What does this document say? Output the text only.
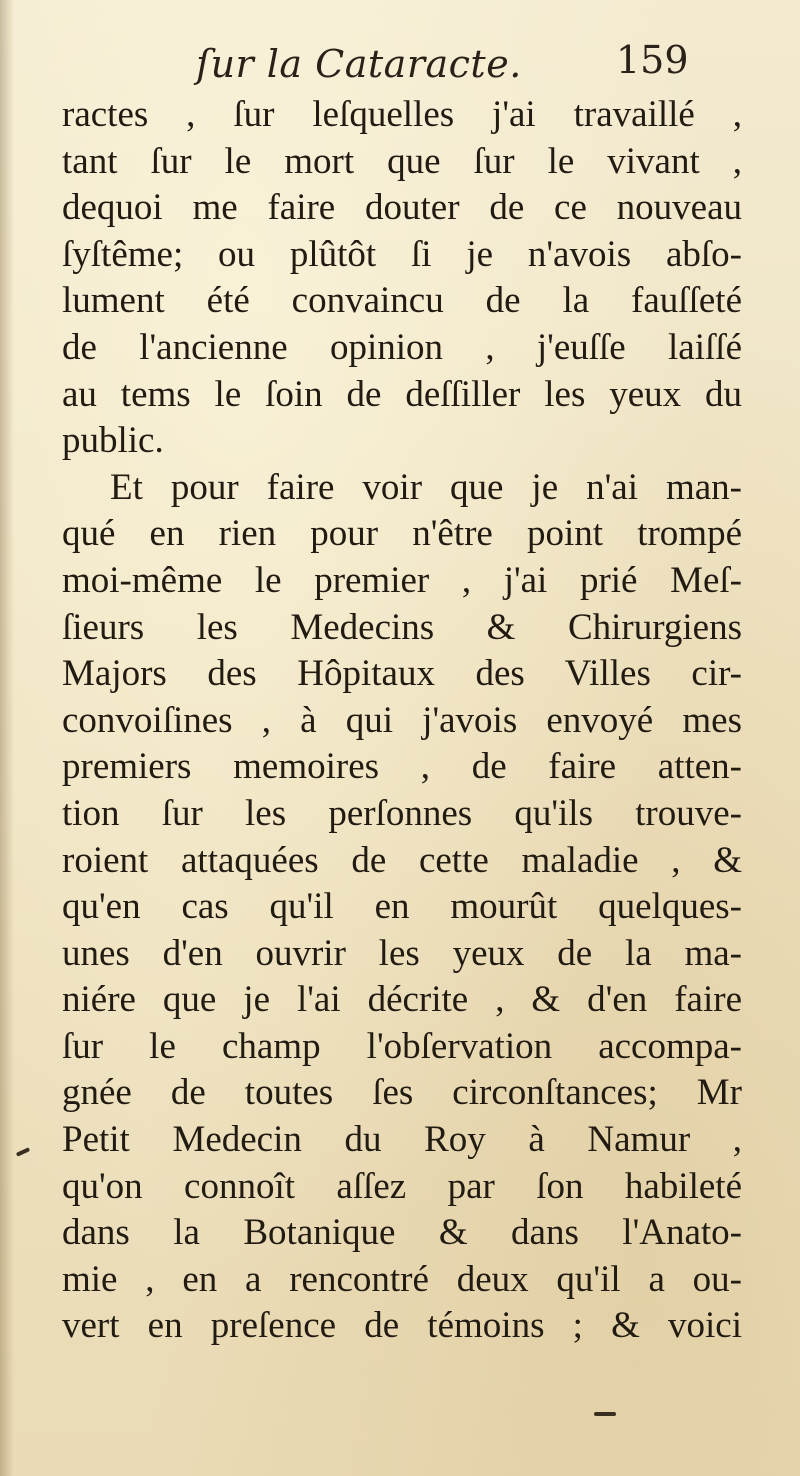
ſur la Cataracte. 159
ractes , ſur leſquelles j'ai travaillé ,
tant ſur le mort que ſur le vivant ,
dequoi me faire douter de ce nouveau
ſyſtême; ou plûtôt ſi je n'avois abſo-
lument été convaincu de la fauſſeté
de l'ancienne opinion , j'euſſe laiſſé
au tems le ſoin de deſſiller les yeux du
public.
Et pour faire voir que je n'ai man-
qué en rien pour n'être point trompé
moi-même le premier , j'ai prié Meſ-
ſieurs les Medecins & Chirurgiens
Majors des Hôpitaux des Villes cir-
convoiſines , à qui j'avois envoyé mes
premiers memoires , de faire atten-
tion ſur les perſonnes qu'ils trouve-
roient attaquées de cette maladie , &
qu'en cas qu'il en mourût quelques-
unes d'en ouvrir les yeux de la ma-
niére que je l'ai décrite , & d'en faire
ſur le champ l'obſervation accompa-
gnée de toutes ſes circonſtances; Mr
Petit Medecin du Roy à Namur ,
qu'on connoît aſſez par ſon habileté
dans la Botanique & dans l'Anato-
mie , en a rencontré deux qu'il a ou-
vert en preſence de témoins ; & voici
